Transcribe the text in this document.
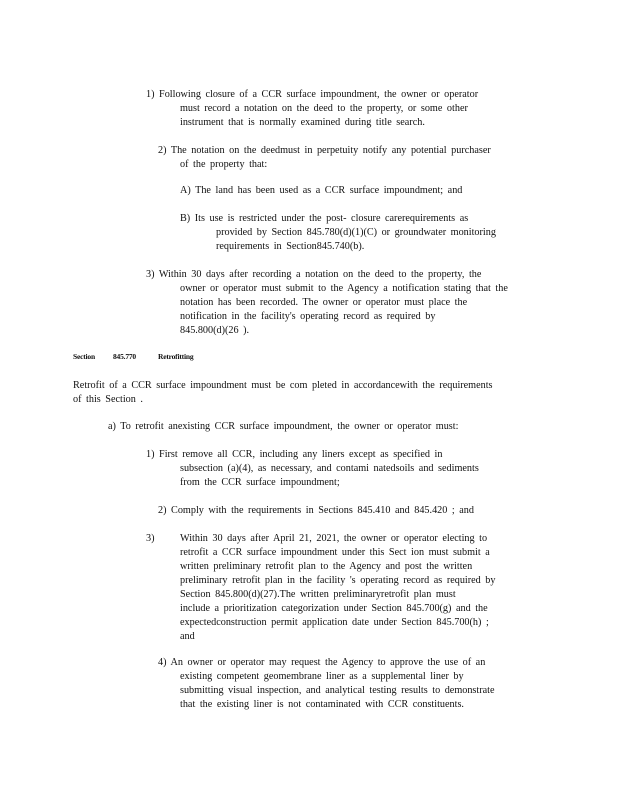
1) Following closure of a CCR surface impoundment, the owner or operator
must record a notation on the deed to the property, or some other
instrument that is normally examined during title search.
2) The notation on the deedmust in perpetuity notify any potential purchaser
of the property that:
A) The land has been used as a CCR surface impoundment; and
B) Its use is restricted under the post- closure carerequirements as
provided by Section 845.780(d)(1)(C) or groundwater monitoring
requirements in Section845.740(b).
3) Within 30 days after recording a notation on the deed to the property, the
owner or operator must submit to the Agency a notification stating that the
notation has been recorded. The owner or operator must place the
notification in the facility's operating record as required by
845.800(d)(26 ).
Section 845.770	Retrofitting
Retrofit of a CCR surface impoundment must be com pleted in accordancewith the requirements
of this Section .
a) To retrofit anexisting CCR surface impoundment, the owner or operator must:
1) First remove all CCR, including any liners except as specified in
subsection (a)(4), as necessary, and contami natedsoils and sediments
from the CCR surface impoundment;
2) Comply with the requirements in Sections 845.410 and 845.420 ; and
3)	Within 30 days after April 21, 2021, the owner or operator electing to
retrofit a CCR surface impoundment under this Sect ion must submit a
written preliminary retrofit plan to the Agency and post the written
preliminary retrofit plan in the facility 's operating record as required by
Section 845.800(d)(27).The written preliminaryretrofit plan must
include a prioritization categorization under Section 845.700(g) and the
expectedconstruction permit application date under Section 845.700(h) ;
and
4) An owner or operator may request the Agency to approve the use of an
existing competent geomembrane liner as a supplemental liner by
submitting visual inspection, and analytical testing results to demonstrate
that the existing liner is not contaminated with CCR constituents.
